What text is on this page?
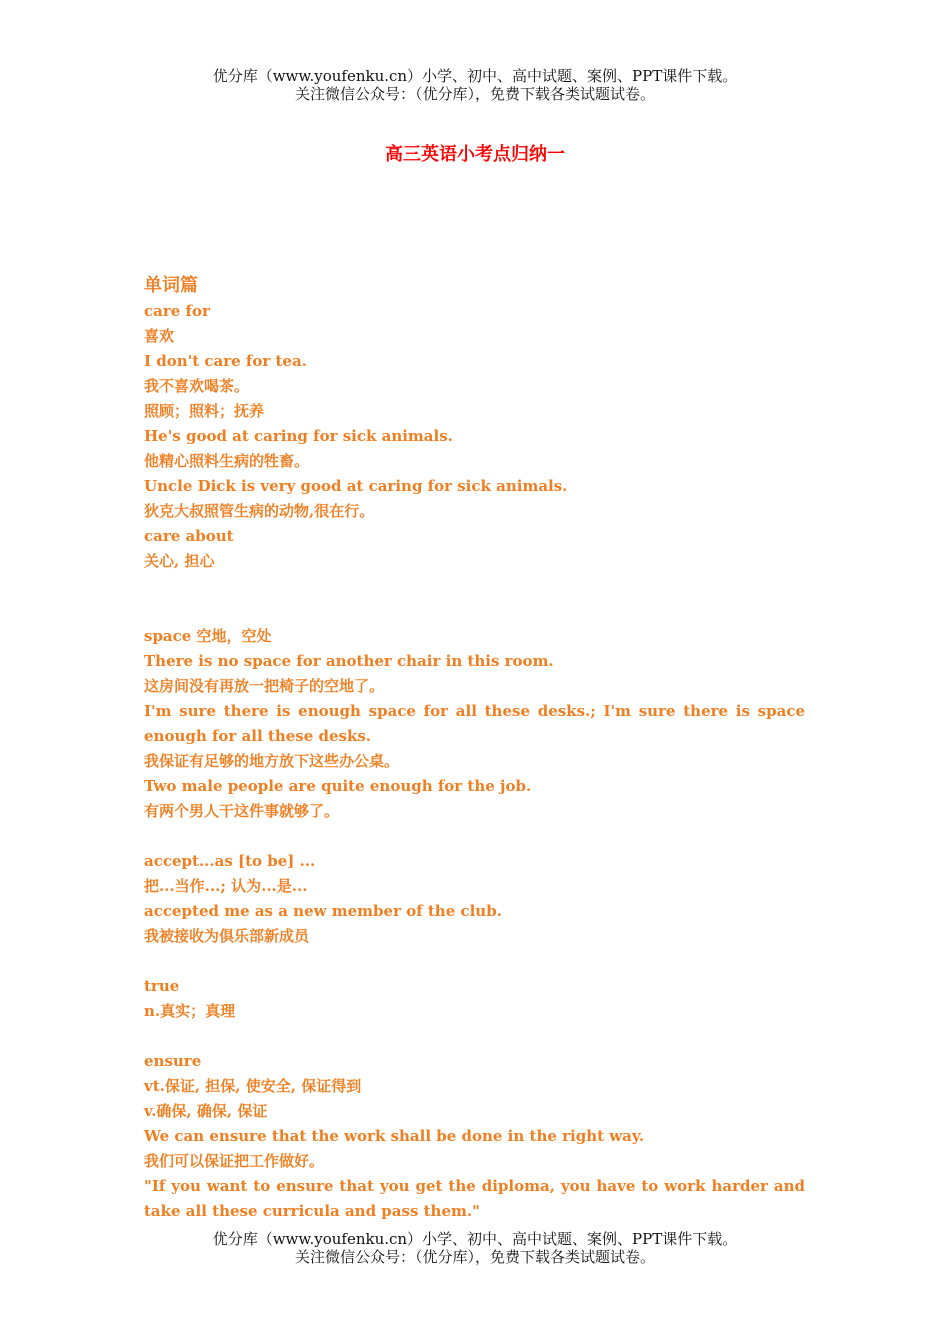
优分库（www.youfenku.cn）小学、初中、高中试题、案例、PPT课件下载。
关注微信公众号：（优分库），免费下载各类试题试卷。
高三英语小考点归纳一
单词篇
care for
喜欢
I don't care for tea.
我不喜欢喝茶。
照顾；照料；抚养
He's good at caring for sick animals.
他精心照料生病的牲畜。
Uncle Dick is very good at caring for sick animals.
狄克大叔照管生病的动物,很在行。
care about
关心, 担心
space 空地，空处
There is no space for another chair in this room.
这房间没有再放一把椅子的空地了。
I'm sure there is enough space for all these desks.; I'm sure there is space enough for all these desks.
我保证有足够的地方放下这些办公桌。
Two male people are quite enough for the job.
有两个男人干这件事就够了。
accept...as [to be] ...
把...当作...; 认为...是...
accepted me as a new member of the club.
我被接收为俱乐部新成员
true
n.真实；真理
ensure
vt.保证, 担保, 使安全, 保证得到
v.确保, 确保, 保证
We can ensure that the work shall be done in the right way.
我们可以保证把工作做好。
"If you want to ensure that you get the diploma, you have to work harder and take all these curricula and pass them."
优分库（www.youfenku.cn）小学、初中、高中试题、案例、PPT课件下载。
关注微信公众号：（优分库），免费下载各类试题试卷。
